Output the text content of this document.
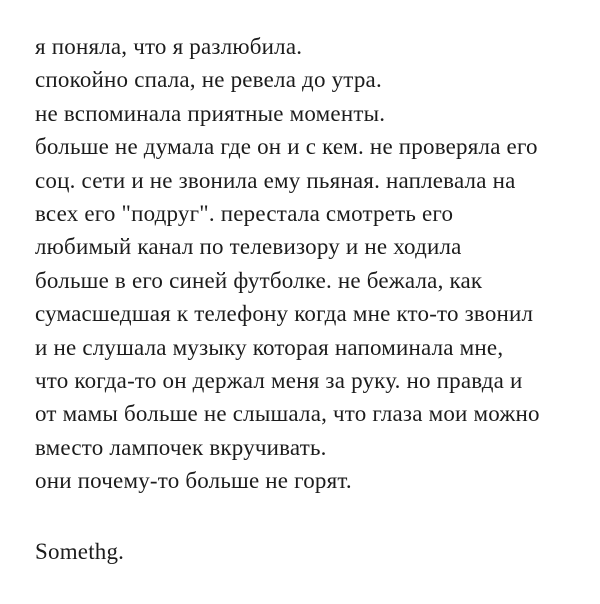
я поняла, что я разлюбила.
спокойно спала, не ревела до утра.
не вспоминала приятные моменты.
больше не думала где он и с кем. не проверяла его
соц. сети и не звонила ему пьяная. наплевала на
всех его "подруг". перестала смотреть его
любимый канал по телевизору и не ходила
больше в его синей футболке. не бежала, как
сумасшедшая к телефону когда мне кто-то звонил
и не слушала музыку которая напоминала мне,
что когда-то он держал меня за руку. но правда и
от мамы больше не слышала, что глаза мои можно
вместо лампочек вкручивать.
они почему-то больше не горят.
Somethg.
